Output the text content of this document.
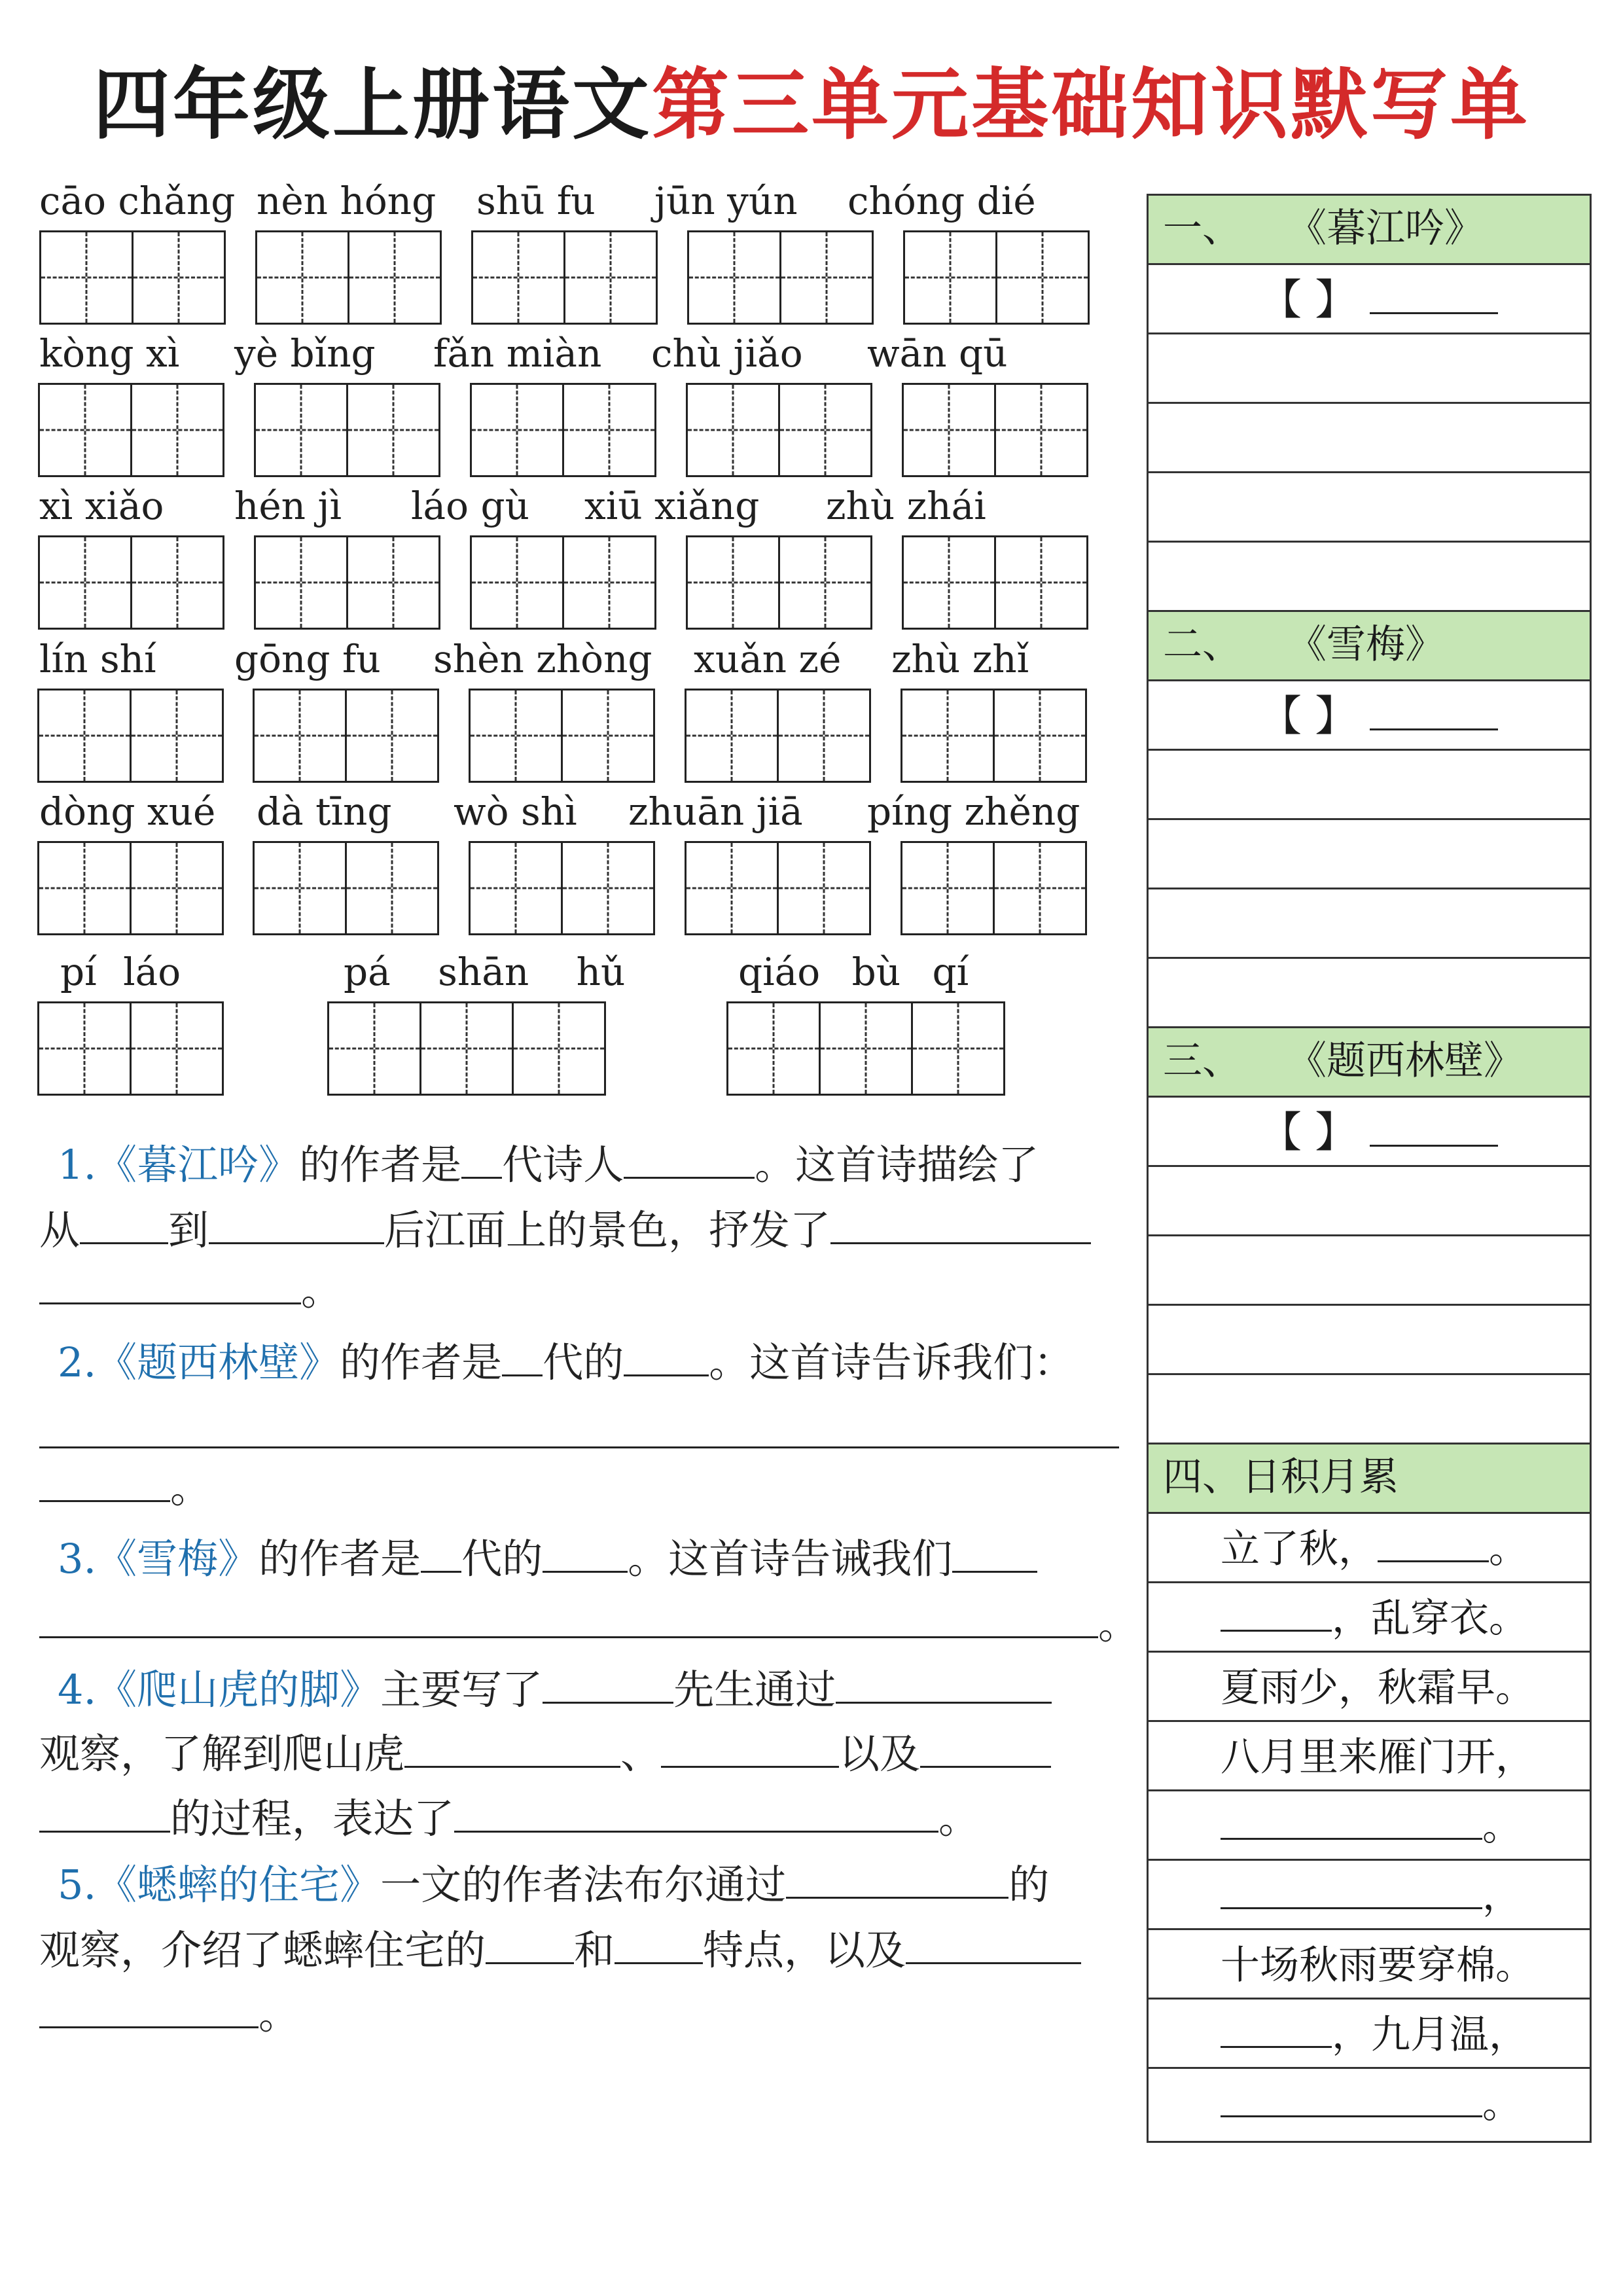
四年级上册语文第三单元基础知识默写单
cāo chǎng nèn hóng shū fu jūn yún chóng dié
kòng xì yè bǐng fǎn miàn chù jiǎo wān qū
xì xiǎo hén jì láo gù xiū xiǎng zhù zhái
lín shí gōng fu shèn zhòng xuǎn zé zhù zhǐ
dòng xué dà tīng wò shì zhuān jiā píng zhěng
pí láo	pá shān hǔ	qiáo bù qí
1.《暮江吟》的作者是 代诗人	。这首诗描绘了
从 到	后江面上的景色，抒发了
。
2.《题西林壁》的作者是 代的 。这首诗告诉我们：
。
3.《雪梅》的作者是 代的 。这首诗告诫我们
。
4.《爬山虎的脚》主要写了	先生通过
观察，了解到爬山虎	、	以及
的过程，表达了	。
5.《蟋蟀的住宅》一文的作者法布尔通过	的
观察，介绍了蟋蟀住宅的 和 特点，以及
。
一、 《暮江吟》
【 】
二、 《雪梅》
【 】
三、 《题西林壁》
【 】
四、日积月累
立了秋，	。
，乱穿衣。
夏雨少，秋霜早。
八月里来雁门开，
。
，
十场秋雨要穿棉。
，九月温，
。
